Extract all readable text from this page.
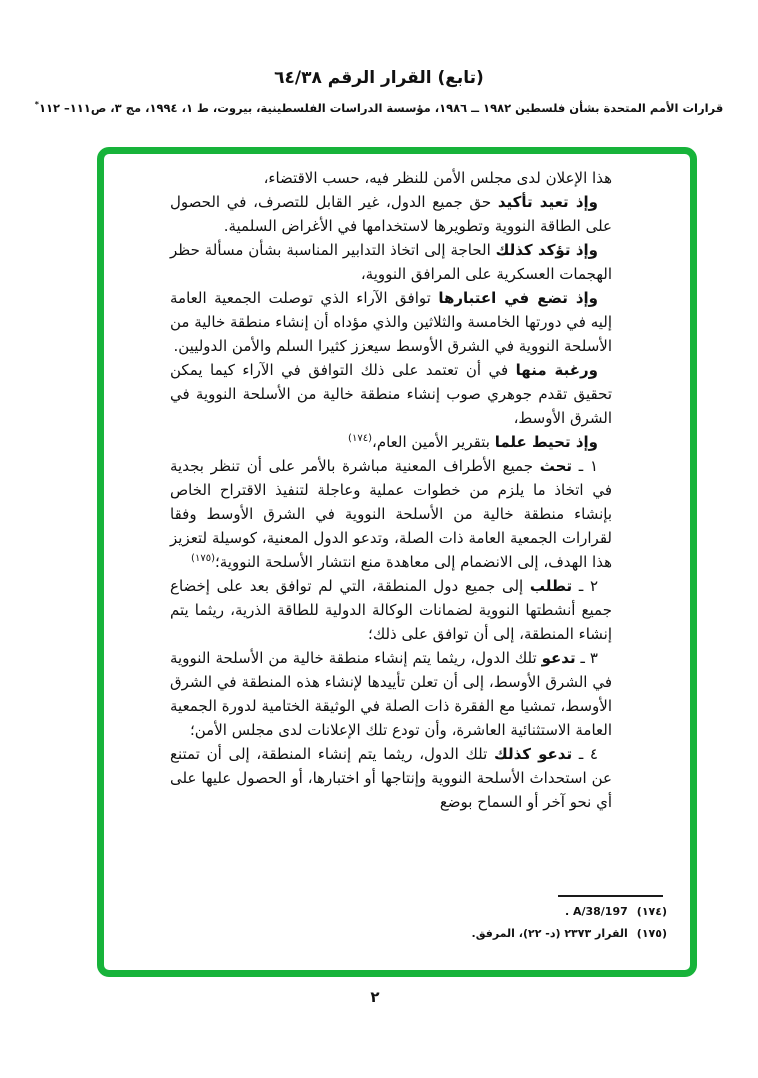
(تابع) القرار الرقم ٦٤/٣٨
قرارات الأمم المتحدة بشأن فلسطين ١٩٨٢ ــ ١٩٨٦، مؤسسة الدراسات الفلسطينية، بيروت، ط ١، ١٩٩٤، مج ٣، ص١١١– ١١٢*

هذا الإعلان لدى مجلس الأمن للنظر فيه، حسب الاقتضاء،

وإذ تعيد تأكيد حق جميع الدول، غير القابل للتصرف، في الحصول على الطاقة النووية وتطويرها لاستخدامها في الأغراض السلمية.

وإذ تؤكد كذلك الحاجة إلى اتخاذ التدابير المناسبة بشأن مسألة حظر الهجمات العسكرية على المرافق النووية،

وإذ تضع في اعتبارها توافق الآراء الذي توصلت الجمعية العامة إليه في دورتها الخامسة والثلاثين والذي مؤداه أن إنشاء منطقة خالية من الأسلحة النووية في الشرق الأوسط سيعزز كثيرا السلم والأمن الدوليين.

ورغبة منها في أن تعتمد على ذلك التوافق في الآراء كيما يمكن تحقيق تقدم جوهري صوب إنشاء منطقة خالية من الأسلحة النووية في الشرق الأوسط،

وإذ تحيط علما بتقرير الأمين العام،$^{(١٧٤)}$

١ ـ تحث جميع الأطراف المعنية مباشرة بالأمر على أن تنظر بجدية في اتخاذ ما يلزم من خطوات عملية وعاجلة لتنفيذ الاقتراح الخاص بإنشاء منطقة خالية من الأسلحة النووية في الشرق الأوسط وفقا لقرارات الجمعية العامة ذات الصلة، وتدعو الدول المعنية، كوسيلة لتعزيز هذا الهدف، إلى الانضمام إلى معاهدة منع انتشار الأسلحة النووية؛$^{(١٧٥)}$

٢ ـ تطلب إلى جميع دول المنطقة، التي لم توافق بعد على إخضاع جميع أنشطتها النووية لضمانات الوكالة الدولية للطاقة الذرية، ريثما يتم إنشاء المنطقة، إلى أن توافق على ذلك؛

٣ ـ تدعو تلك الدول، ريثما يتم إنشاء منطقة خالية من الأسلحة النووية في الشرق الأوسط، إلى أن تعلن تأييدها لإنشاء هذه المنطقة في الشرق الأوسط، تمشيا مع الفقرة ذات الصلة في الوثيقة الختامية لدورة الجمعية العامة الاستثنائية العاشرة، وأن تودع تلك الإعلانات لدى مجلس الأمن؛

٤ ـ تدعو كذلك تلك الدول، ريثما يتم إنشاء المنطقة، إلى أن تمتنع عن استحداث الأسلحة النووية وإنتاجها أو اختبارها، أو الحصول عليها على أي نحو آخر أو السماح بوضع

(١٧٤)A/38/197 .
(١٧٥)القرار ٢٣٧٣ (د- ٢٢)، المرفق.
٢
